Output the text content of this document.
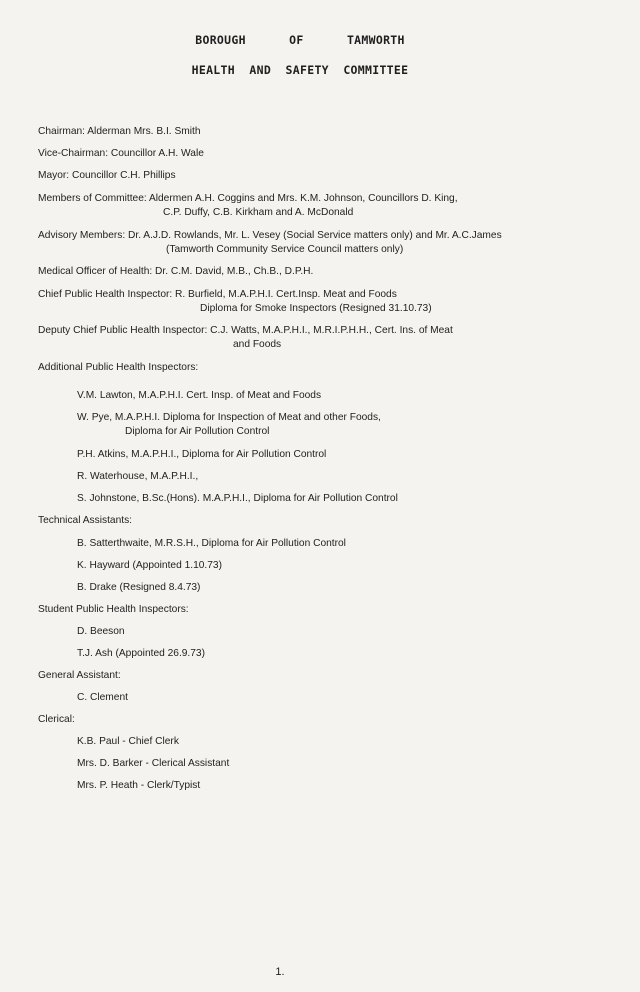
BOROUGH      OF      TAMWORTH
HEALTH  AND  SAFETY  COMMITTEE
Chairman: Alderman Mrs. B.I. Smith
Vice-Chairman: Councillor A.H. Wale
Mayor: Councillor C.H. Phillips
Members of Committee: Aldermen A.H. Coggins and Mrs. K.M. Johnson, Councillors D. King,
C.P. Duffy, C.B. Kirkham and A. McDonald
Advisory Members: Dr. A.J.D. Rowlands, Mr. L. Vesey (Social Service matters only) and Mr. A.C.James
(Tamworth Community Service Council matters only)
Medical Officer of Health: Dr. C.M. David, M.B., Ch.B., D.P.H.
Chief Public Health Inspector: R. Burfield, M.A.P.H.I. Cert.Insp. Meat and Foods
Diploma for Smoke Inspectors (Resigned 31.10.73)
Deputy Chief Public Health Inspector: C.J. Watts, M.A.P.H.I., M.R.I.P.H.H., Cert. Ins. of Meat
and Foods
Additional Public Health Inspectors:
V.M. Lawton, M.A.P.H.I. Cert. Insp. of Meat and Foods
W. Pye, M.A.P.H.I. Diploma for Inspection of Meat and other Foods,
Diploma for Air Pollution Control
P.H. Atkins, M.A.P.H.I., Diploma for Air Pollution Control
R. Waterhouse, M.A.P.H.I.,
S. Johnstone, B.Sc.(Hons). M.A.P.H.I., Diploma for Air Pollution Control
Technical Assistants:
B. Satterthwaite, M.R.S.H., Diploma for Air Pollution Control
K. Hayward (Appointed 1.10.73)
B. Drake (Resigned 8.4.73)
Student Public Health Inspectors:
D. Beeson
T.J. Ash (Appointed 26.9.73)
General Assistant:
C. Clement
Clerical:
K.B. Paul - Chief Clerk
Mrs. D. Barker - Clerical Assistant
Mrs. P. Heath - Clerk/Typist
1.
